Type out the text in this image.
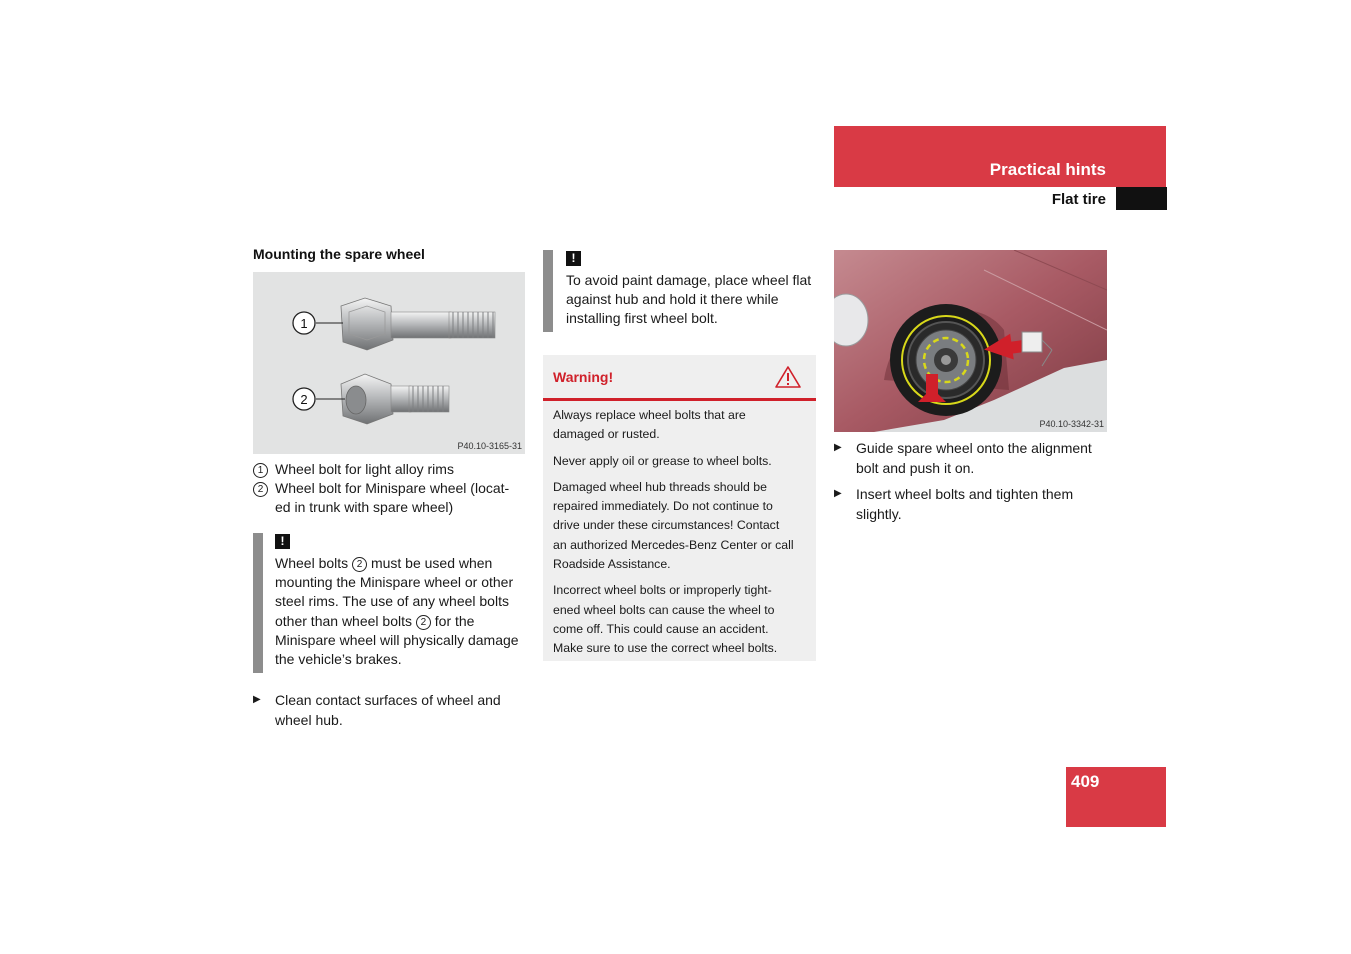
Practical hints
Flat tire
Mounting the spare wheel
1
2
P40.10-3165-31
1 Wheel bolt for light alloy rims
2 Wheel bolt for Minispare wheel (locat-
ed in trunk with spare wheel)
!
Wheel bolts 2 must be used when
mounting the Minispare wheel or other
steel rims. The use of any wheel bolts
other than wheel bolts 2 for the
Minispare wheel will physically damage
the vehicle’s brakes.
▶	Clean contact surfaces of wheel and
wheel hub.
!
To avoid paint damage, place wheel flat
against hub and hold it there while
installing first wheel bolt.
Warning!

Always replace wheel bolts that are
damaged or rusted.

Never apply oil or grease to wheel bolts.

Damaged wheel hub threads should be
repaired immediately. Do not continue to
drive under these circumstances! Contact
an authorized Mercedes-Benz Center or call
Roadside Assistance.

Incorrect wheel bolts or improperly tight-
ened wheel bolts can cause the wheel to
come off. This could cause an accident.
Make sure to use the correct wheel bolts.

P40.10-3342-31
▶	Guide spare wheel onto the alignment
bolt and push it on.
▶	Insert wheel bolts and tighten them
slightly.
409
